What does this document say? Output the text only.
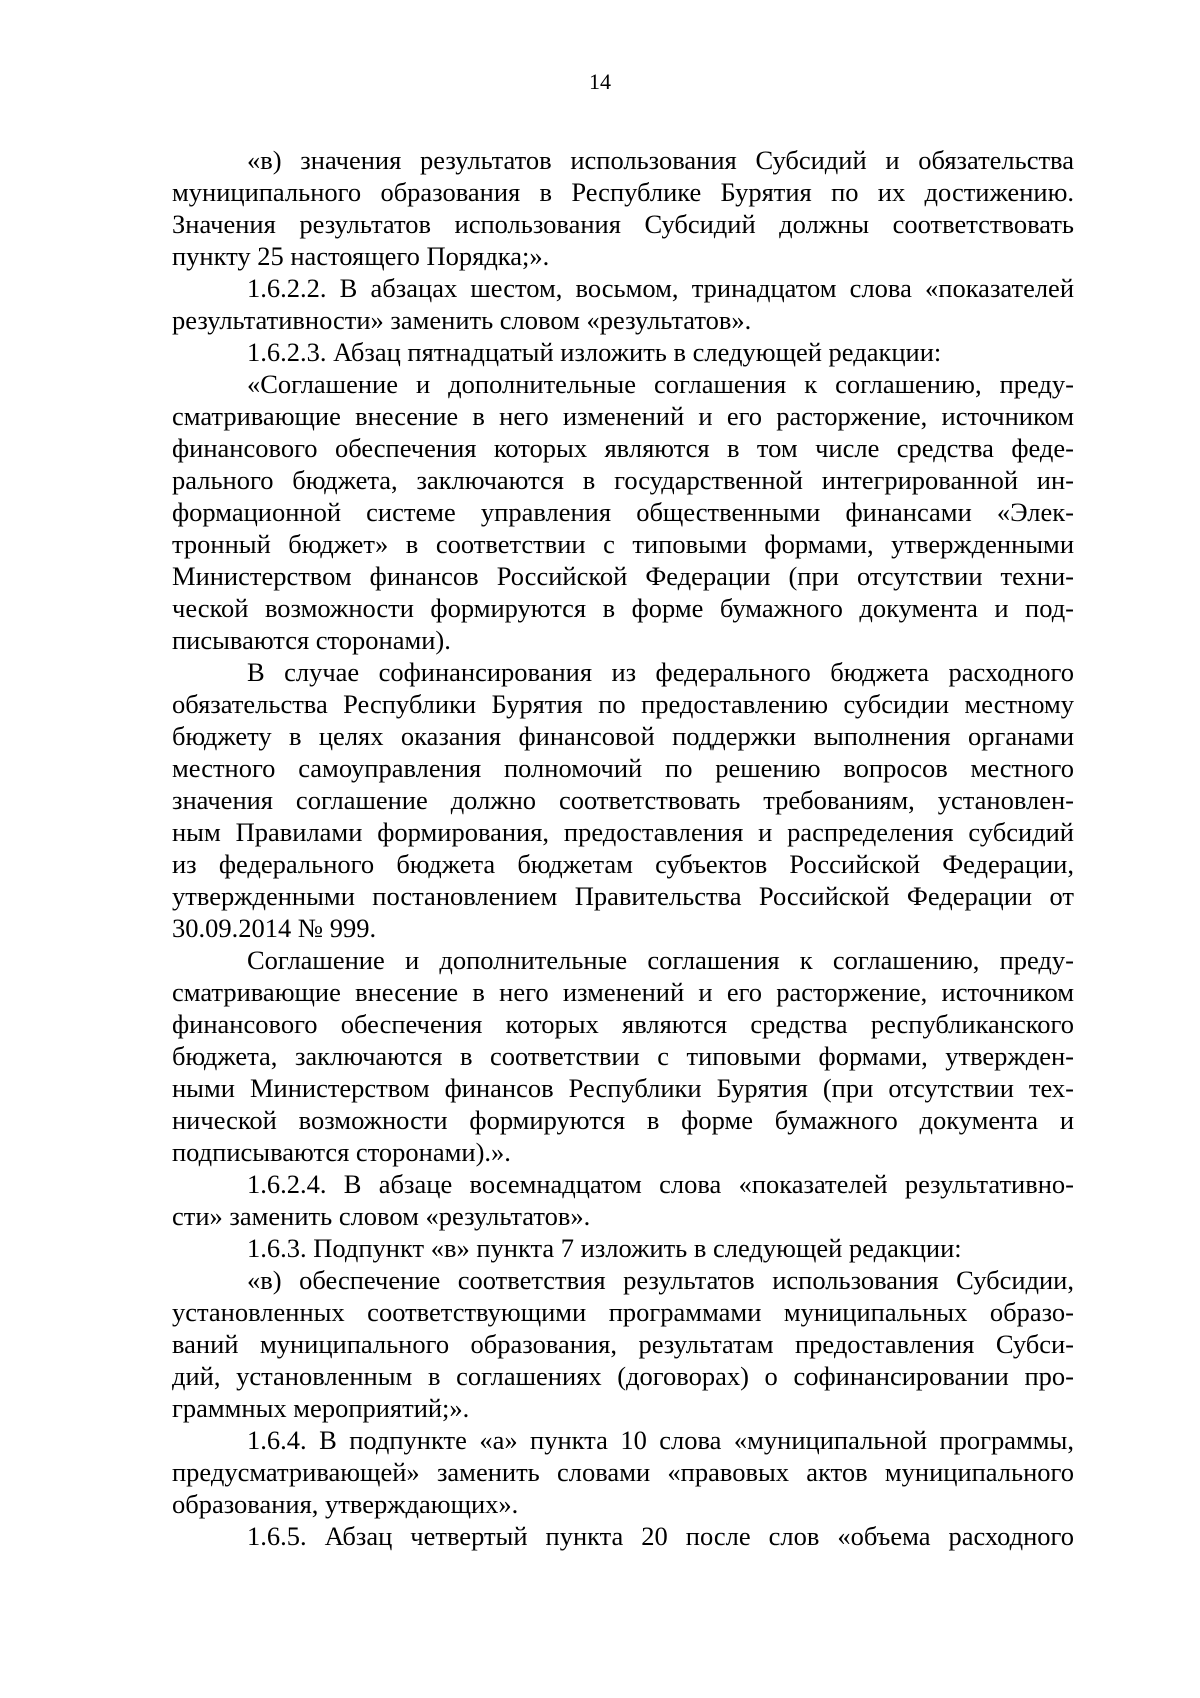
14
«в) значения результатов использования Субсидий и обязательства
муниципального образования в Республике Бурятия по их достижению.
Значения результатов использования Субсидий должны соответствовать
пункту 25 настоящего Порядка;».
1.6.2.2. В абзацах шестом, восьмом, тринадцатом слова «показателей
результативности» заменить словом «результатов».
1.6.2.3. Абзац пятнадцатый изложить в следующей редакции:
«Соглашение и дополнительные соглашения к соглашению, преду-
сматривающие внесение в него изменений и его расторжение, источником
финансового обеспечения которых являются в том числе средства феде-
рального бюджета, заключаются в государственной интегрированной ин-
формационной системе управления общественными финансами «Элек-
тронный бюджет» в соответствии с типовыми формами, утвержденными
Министерством финансов Российской Федерации (при отсутствии техни-
ческой возможности формируются в форме бумажного документа и под-
писываются сторонами).
В случае софинансирования из федерального бюджета расходного
обязательства Республики Бурятия по предоставлению субсидии местному
бюджету в целях оказания финансовой поддержки выполнения органами
местного самоуправления полномочий по решению вопросов местного
значения соглашение должно соответствовать требованиям, установлен-
ным Правилами формирования, предоставления и распределения субсидий
из федерального бюджета бюджетам субъектов Российской Федерации,
утвержденными постановлением Правительства Российской Федерации от
30.09.2014 № 999.
Соглашение и дополнительные соглашения к соглашению, преду-
сматривающие внесение в него изменений и его расторжение, источником
финансового обеспечения которых являются средства республиканского
бюджета, заключаются в соответствии с типовыми формами, утвержден-
ными Министерством финансов Республики Бурятия (при отсутствии тех-
нической возможности формируются в форме бумажного документа и
подписываются сторонами).».
1.6.2.4. В абзаце восемнадцатом слова «показателей результативно-
сти» заменить словом «результатов».
1.6.3. Подпункт «в» пункта 7 изложить в следующей редакции:
«в) обеспечение соответствия результатов использования Субсидии,
установленных соответствующими программами муниципальных образо-
ваний муниципального образования, результатам предоставления Субси-
дий, установленным в соглашениях (договорах) о софинансировании про-
граммных мероприятий;».
1.6.4. В подпункте «а» пункта 10 слова «муниципальной программы,
предусматривающей» заменить словами «правовых актов муниципального
образования, утверждающих».
1.6.5. Абзац четвертый пункта 20 после слов «объема расходного
